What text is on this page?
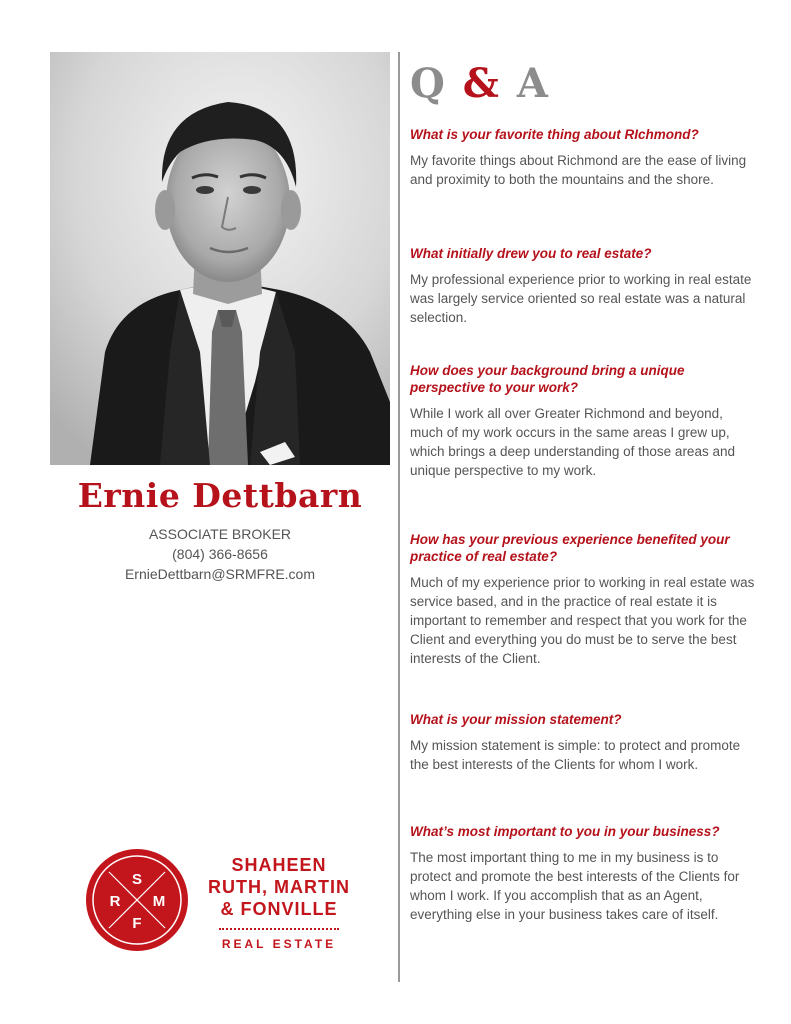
Ernie Dettbarn
ASSOCIATE BROKER
(804) 366-8656
ErnieDettbarn@SRMFRE.com
S
R M
F
SHAHEEN
RUTH, MARTIN
& FONVILLE
REAL ESTATE
Q & A

What is your favorite thing about RIchmond?

My favorite things about Richmond are the ease of living and proximity to both the mountains and the shore.

What initially drew you to real estate?

My professional experience prior to working in real estate was largely service oriented so real estate was a natural selection.

How does your background bring a unique perspective to your work?

While I work all over Greater Richmond and beyond, much of my work occurs in the same areas I grew up, which brings a deep understanding of those areas and unique perspective to my work.

How has your previous experience benefited your practice of real estate?

Much of my experience prior to working in real estate was service based, and in the practice of real estate it is important to remember and respect that you work for the Client and everything you do must be to serve the best interests of the Client.

What is your mission statement?

My mission statement is simple: to protect and promote the best interests of the Clients for whom I work.

What’s most important to you in your business?

The most important thing to me in my business is to protect and promote the best interests of the Clients for whom I work. If you accomplish that as an Agent, everything else in your business takes care of itself.
